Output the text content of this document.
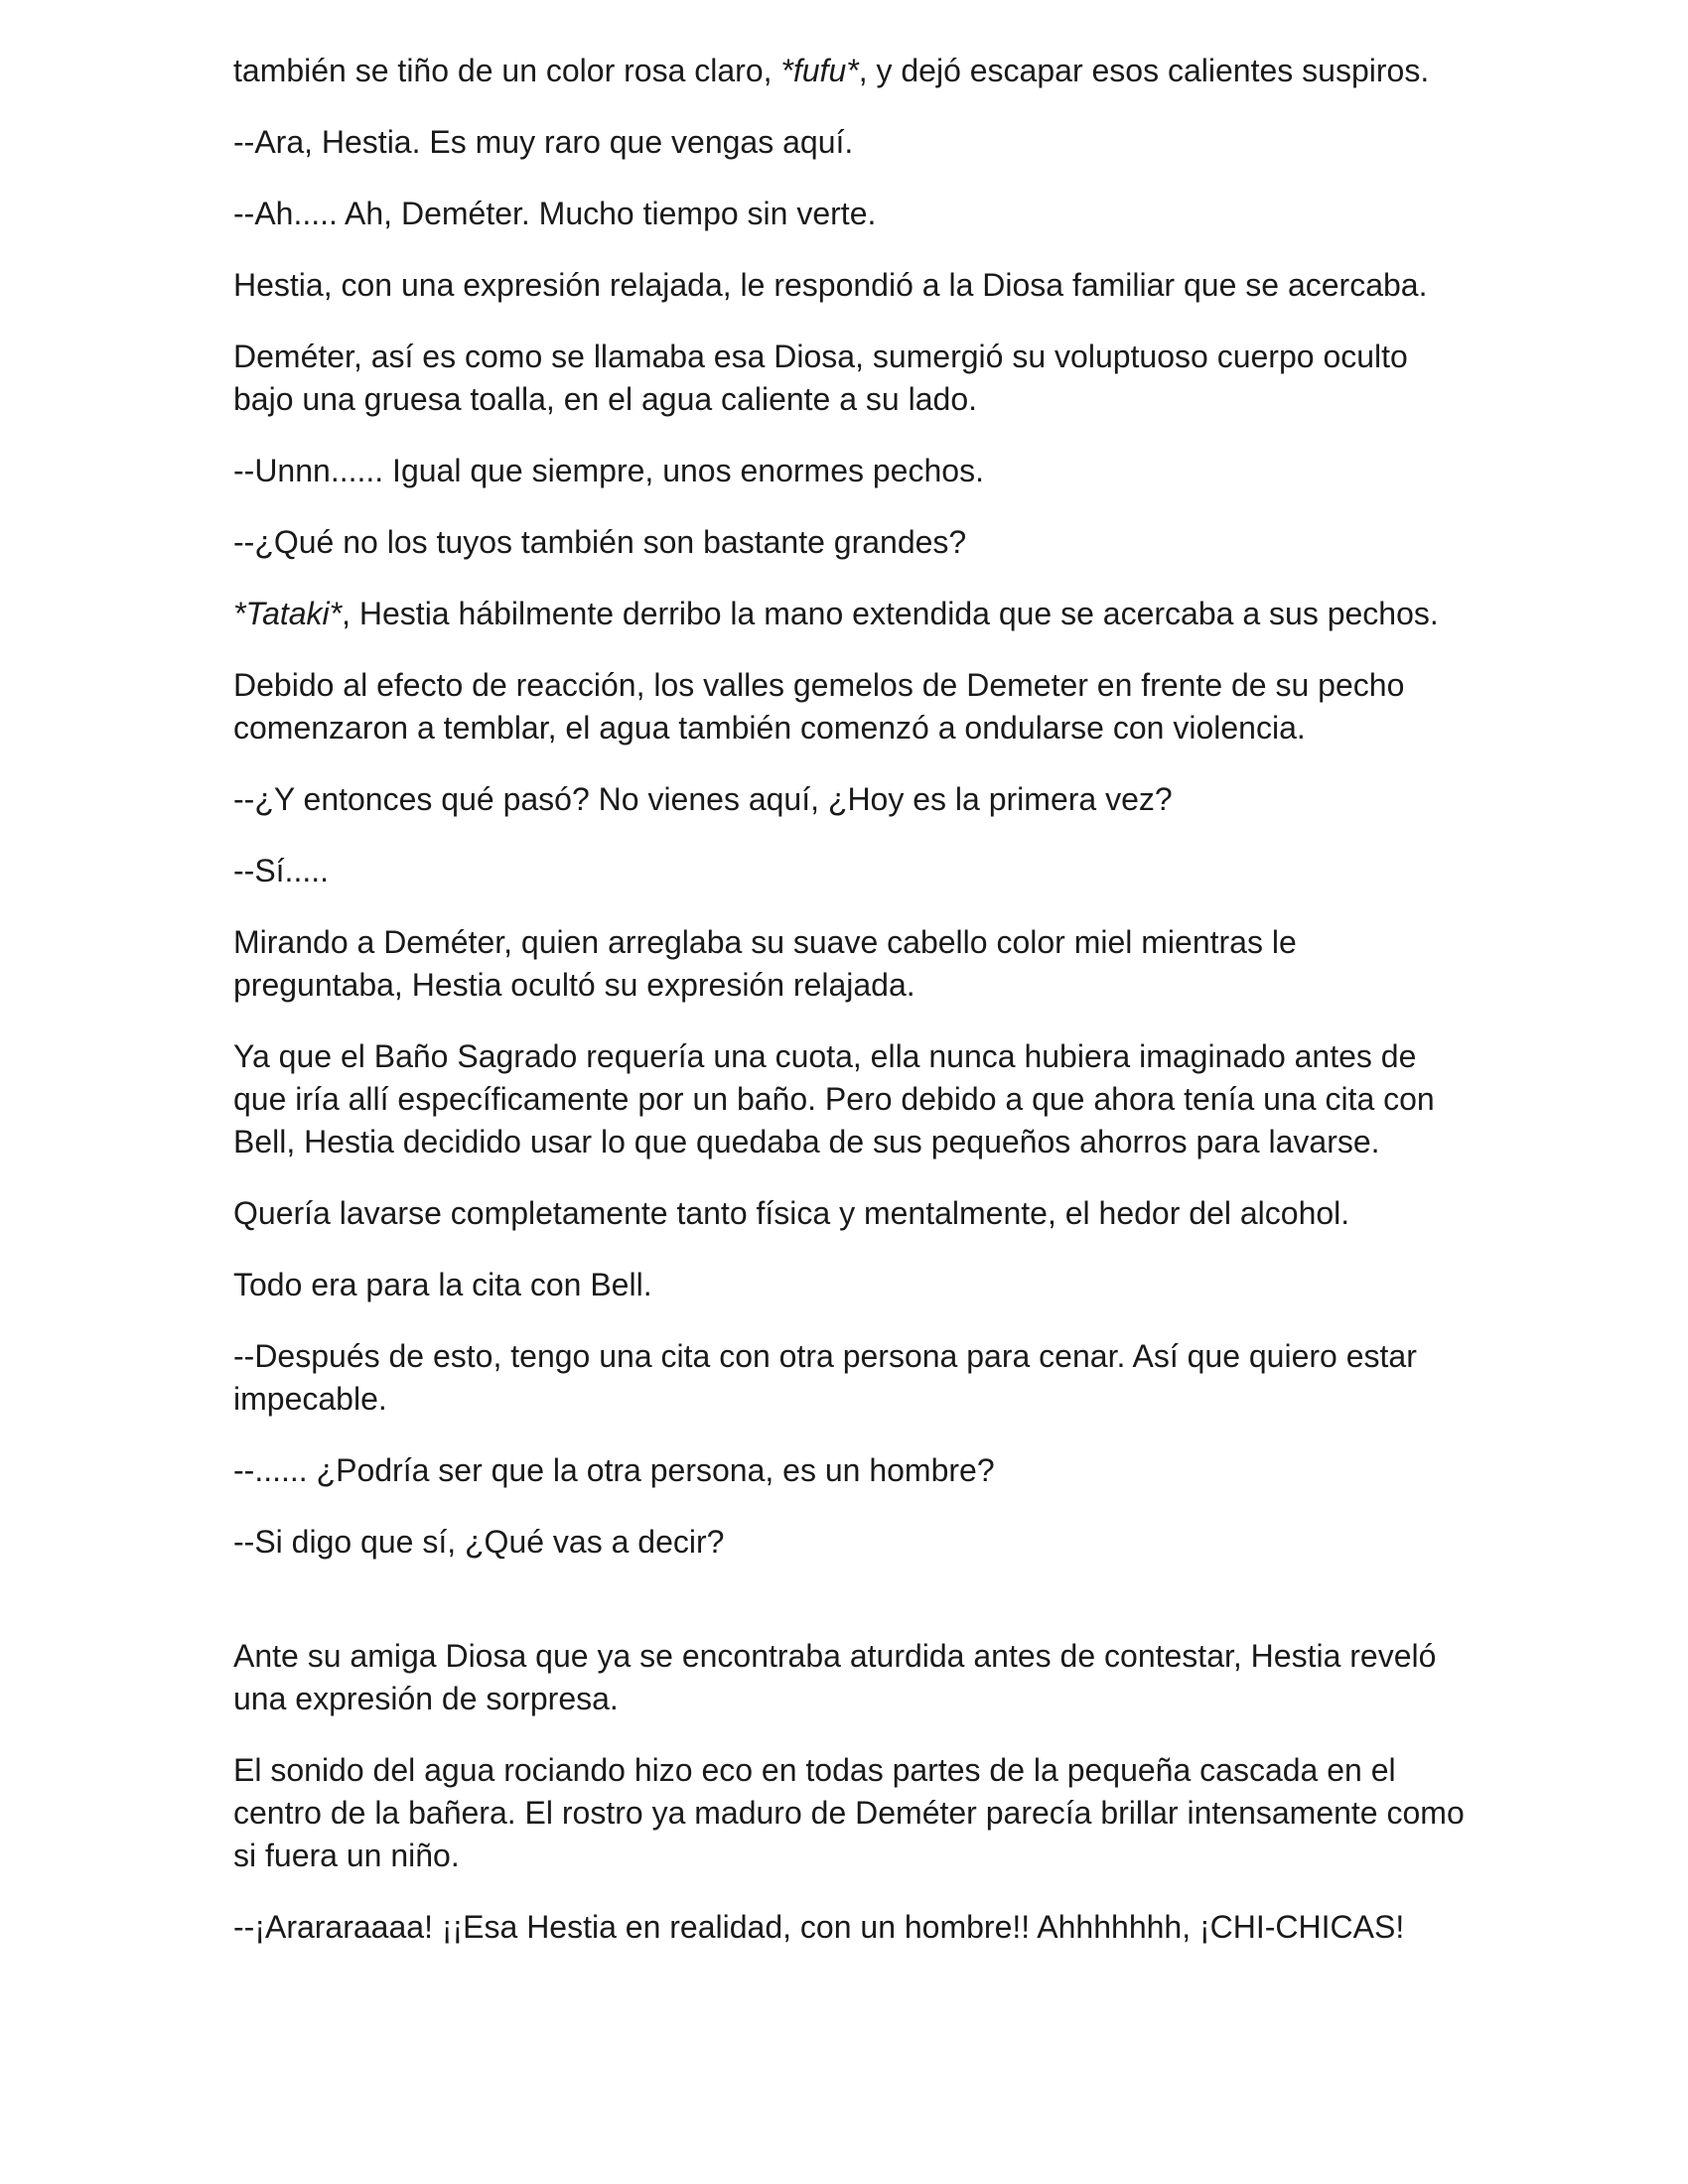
también se tiño de un color rosa claro, *fufu*, y dejó escapar esos calientes suspiros.

--Ara, Hestia. Es muy raro que vengas aquí.

--Ah..... Ah, Deméter. Mucho tiempo sin verte.

Hestia, con una expresión relajada, le respondió a la Diosa familiar que se acercaba.

Deméter, así es como se llamaba esa Diosa, sumergió su voluptuoso cuerpo oculto bajo una gruesa toalla, en el agua caliente a su lado.

--Unnn...... Igual que siempre, unos enormes pechos.

--¿Qué no los tuyos también son bastante grandes?

*Tataki*, Hestia hábilmente derribo la mano extendida que se acercaba a sus pechos.

Debido al efecto de reacción, los valles gemelos de Demeter en frente de su pecho comenzaron a temblar, el agua también comenzó a ondularse con violencia.

--¿Y entonces qué pasó? No vienes aquí, ¿Hoy es la primera vez?

--Sí.....

Mirando a Deméter, quien arreglaba su suave cabello color miel mientras le preguntaba, Hestia ocultó su expresión relajada.

Ya que el Baño Sagrado requería una cuota, ella nunca hubiera imaginado antes de que iría allí específicamente por un baño. Pero debido a que ahora tenía una cita con Bell, Hestia decidido usar lo que quedaba de sus pequeños ahorros para lavarse.

Quería lavarse completamente tanto física y mentalmente, el hedor del alcohol.

Todo era para la cita con Bell.

--Después de esto, tengo una cita con otra persona para cenar. Así que quiero estar impecable.

--...... ¿Podría ser que la otra persona, es un hombre?

--Si digo que sí, ¿Qué vas a decir?

Ante su amiga Diosa que ya se encontraba aturdida antes de contestar, Hestia reveló una expresión de sorpresa.

El sonido del agua rociando hizo eco en todas partes de la pequeña cascada en el centro de la bañera. El rostro ya maduro de Deméter parecía brillar intensamente como si fuera un niño.

--¡Arararaaaa! ¡¡Esa Hestia en realidad, con un hombre!! Ahhhhhhh, ¡CHI-CHICAS!
